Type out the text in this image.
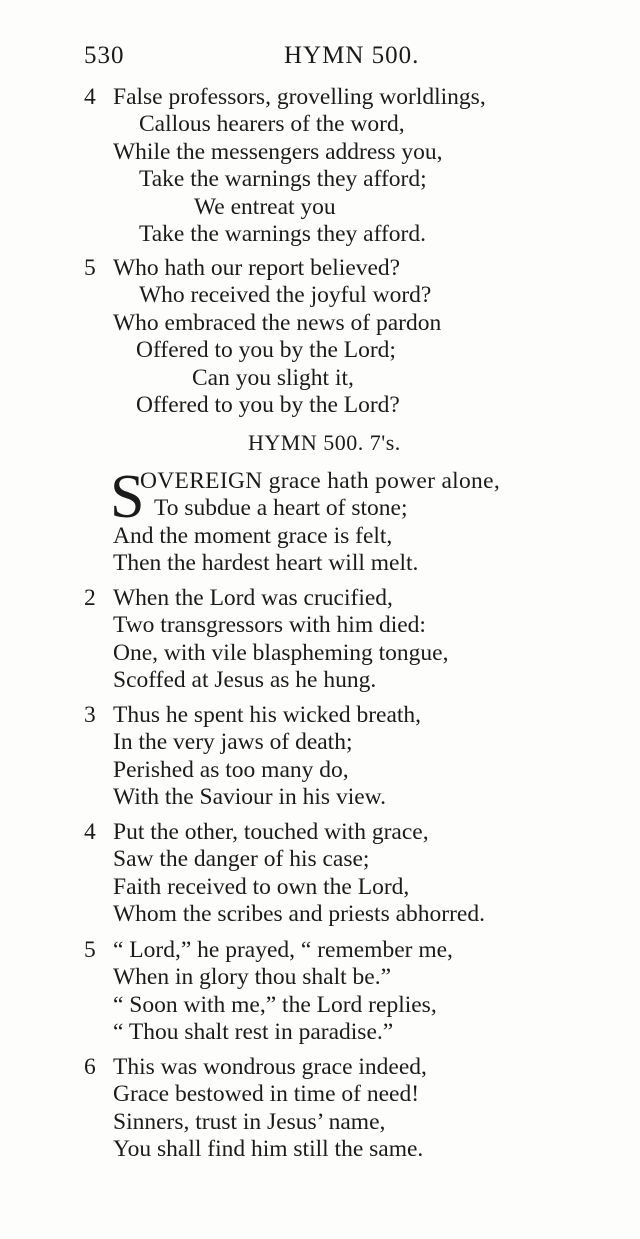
530	HYMN 500.
4 False professors, grovelling worldlings,
Callous hearers of the word,
While the messengers address you,
Take the warnings they afford;
We entreat you
Take the warnings they afford.
5 Who hath our report believed?
Who received the joyful word?
Who embraced the news of pardon
Offered to you by the Lord;
Can you slight it,
Offered to you by the Lord?
HYMN 500. 7's.
S
OVEREIGN grace hath power alone,
To subdue a heart of stone;
And the moment grace is felt,
Then the hardest heart will melt.
2 When the Lord was crucified,
Two transgressors with him died:
One, with vile blaspheming tongue,
Scoffed at Jesus as he hung.
3 Thus he spent his wicked breath,
In the very jaws of death;
Perished as too many do,
With the Saviour in his view.
4 Put the other, touched with grace,
Saw the danger of his case;
Faith received to own the Lord,
Whom the scribes and priests abhorred.
5 “ Lord,” he prayed, “ remember me,
When in glory thou shalt be.”
“ Soon with me,” the Lord replies,
“ Thou shalt rest in paradise.”
6 This was wondrous grace indeed,
Grace bestowed in time of need!
Sinners, trust in Jesus’ name,
You shall find him still the same.
